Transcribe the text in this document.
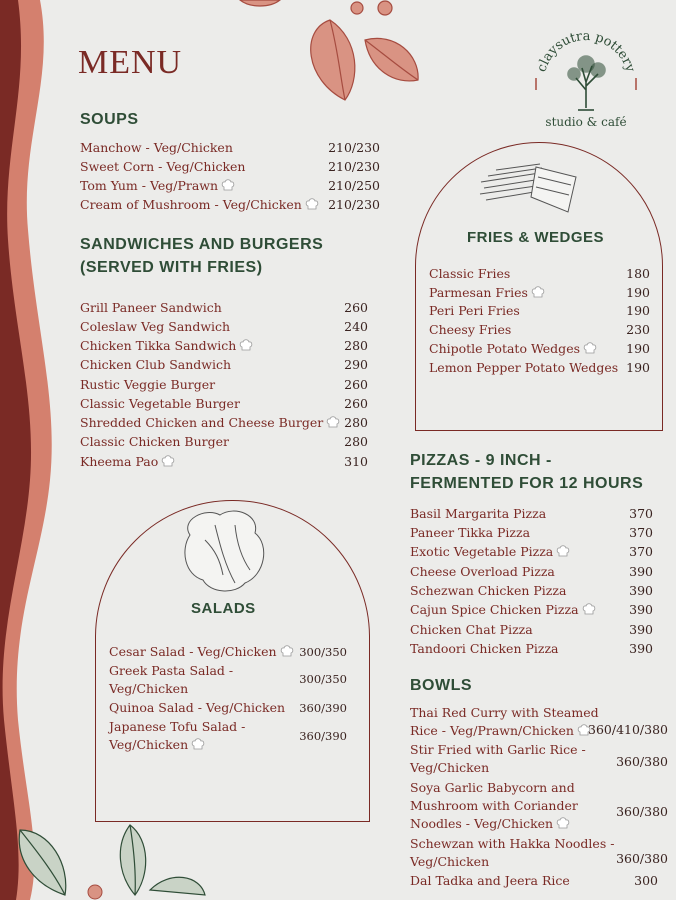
MENU	claysutra pottery
studio & café
SOUPS
Manchow - Veg/Chicken	210/230
Sweet Corn - Veg/Chicken	210/230
Tom Yum - Veg/Prawn	210/250
Cream of Mushroom - Veg/Chicken	210/230
SANDWICHES AND BURGERS
(SERVED WITH FRIES)
Grill Paneer Sandwich	260
Coleslaw Veg Sandwich	240
Chicken Tikka Sandwich	280
Chicken Club Sandwich	290
Rustic Veggie Burger	260
Classic Vegetable Burger	260
Shredded Chicken and Cheese Burger	280
Classic Chicken Burger	280
Kheema Pao	310
FRIES & WEDGES
Classic Fries	180
Parmesan Fries	190
Peri Peri Fries	190
Cheesy Fries	230
Chipotle Potato Wedges	190
Lemon Pepper Potato Wedges 190
PIZZAS - 9 INCH -
FERMENTED FOR 12 HOURS
Basil Margarita Pizza	370
Paneer Tikka Pizza	370
Exotic Vegetable Pizza	370
Cheese Overload Pizza	390
Schezwan Chicken Pizza	390
Cajun Spice Chicken Pizza	390
Chicken Chat Pizza	390
Tandoori Chicken Pizza	390
SALADS
Cesar Salad - Veg/Chicken	300/350
Greek Pasta Salad -
Veg/Chicken
300/350
Quinoa Salad - Veg/Chicken 360/390
Japanese Tofu Salad -
Veg/Chicken
360/390
BOWLS
Thai Red Curry with Steamed
Rice - Veg/Prawn/Chicken	360/410/380
Stir Fried with Garlic Rice -
Veg/Chicken	360/380
Soya Garlic Babycorn and
Mushroom with Coriander
Noodles - Veg/Chicken
360/380
Schewzan with Hakka Noodles -
Veg/Chicken	360/380
Dal Tadka and Jeera Rice	300
